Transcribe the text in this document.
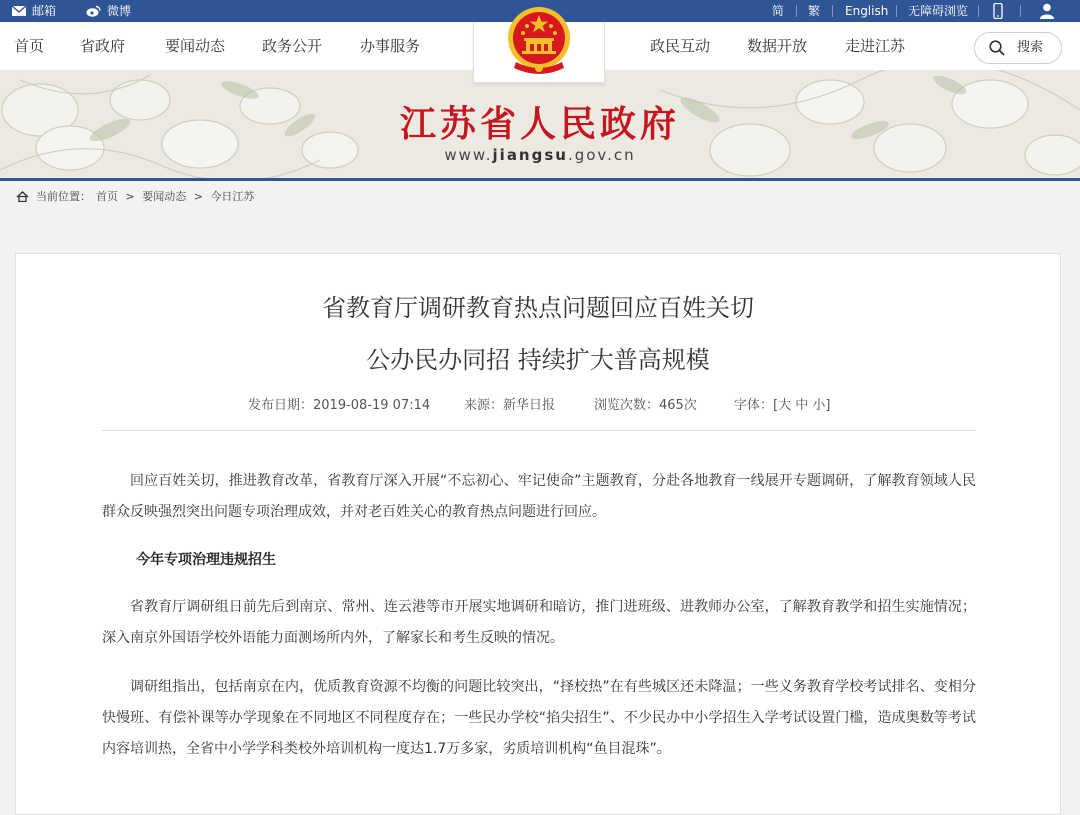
邮箱	微博	简 繁 English 无障碍浏览
首页 省政府	要闻动态 政务公开	办事服务	政民互动 数据开放	走进江苏	搜索
江苏省人民政府
www.jiangsu.gov.cn
当前位置： 首页 > 要闻动态 > 今日江苏
省教育厅调研教育热点问题回应百姓关切
公办民办同招 持续扩大普高规模
发布日期：2019-08-19 07:14	来源：新华日报	浏览次数：465次	字体：[大 中 小]
回应百姓关切，推进教育改革，省教育厅深入开展“不忘初心、牢记使命”主题教育，分赴各地教育一线展开专题调研，了解教育领域人民群众反映强烈突出问题专项治理成效，并对老百姓关心的教育热点问题进行回应。
今年专项治理违规招生
省教育厅调研组日前先后到南京、常州、连云港等市开展实地调研和暗访，推门进班级、进教师办公室，了解教育教学和招生实施情况；深入南京外国语学校外语能力面测场所内外，了解家长和考生反映的情况。
调研组指出，包括南京在内，优质教育资源不均衡的问题比较突出，“择校热”在有些城区还未降温；一些义务教育学校考试排名、变相分快慢班、有偿补课等办学现象在不同地区不同程度存在；一些民办学校“掐尖招生”、不少民办中小学招生入学考试设置门槛，造成奥数等考试内容培训热，全省中小学学科类校外培训机构一度达1.7万多家，劣质培训机构“鱼目混珠”。
